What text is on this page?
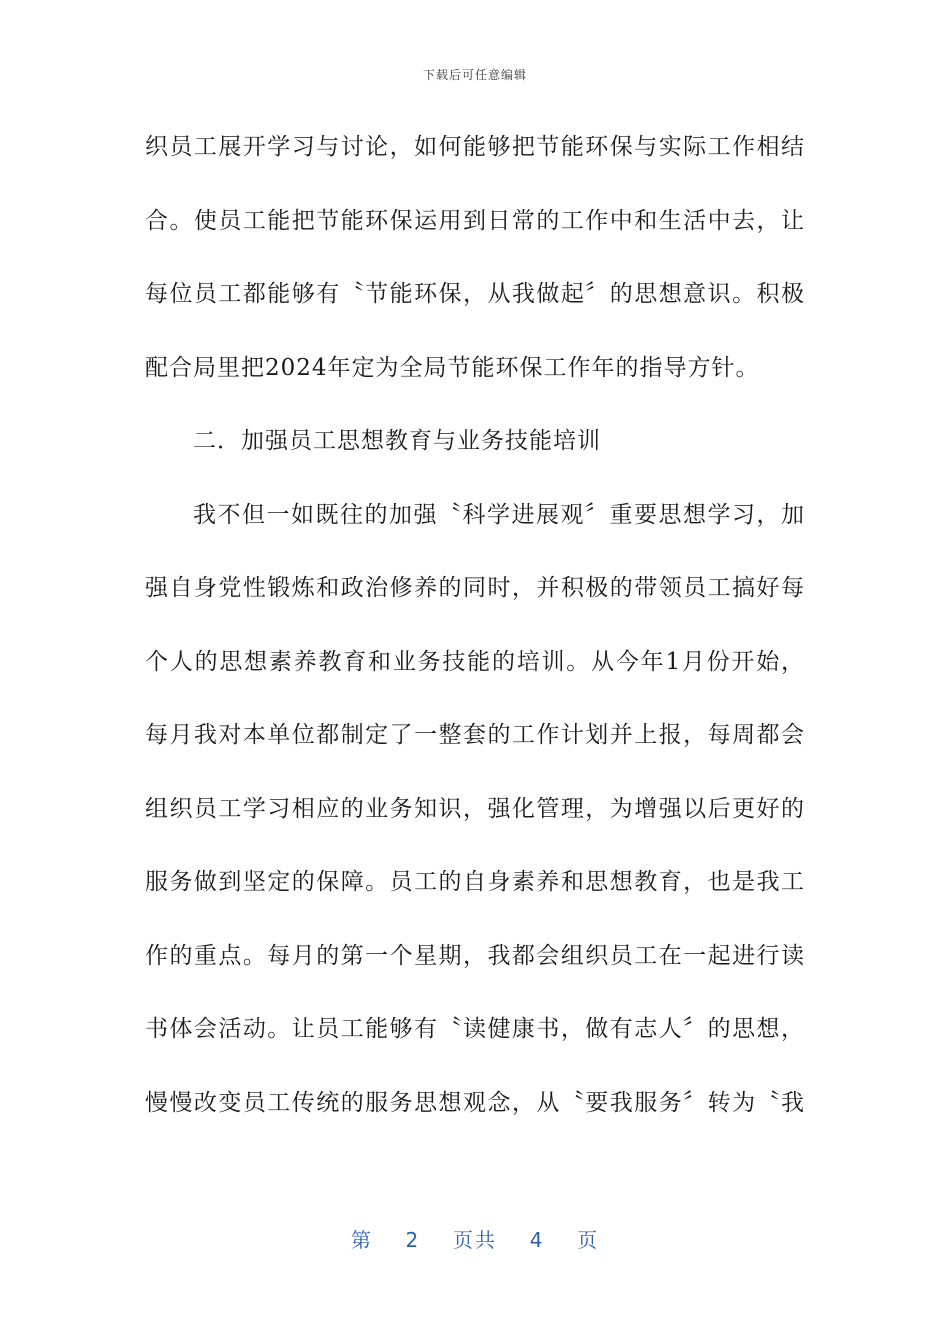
下载后可任意编辑
织员工展开学习与讨论，如何能够把节能环保与实际工作相结
合。使员工能把节能环保运用到日常的工作中和生活中去，让
每位员工都能够有〝节能环保，从我做起〞的思想意识。积极
配合局里把2024年定为全局节能环保工作年的指导方针。
二．加强员工思想教育与业务技能培训
我不但一如既往的加强〝科学进展观〞重要思想学习，加
强自身党性锻炼和政治修养的同时，并积极的带领员工搞好每
个人的思想素养教育和业务技能的培训。从今年1月份开始，
每月我对本单位都制定了一整套的工作计划并上报，每周都会
组织员工学习相应的业务知识，强化管理，为增强以后更好的
服务做到坚定的保障。员工的自身素养和思想教育，也是我工
作的重点。每月的第一个星期，我都会组织员工在一起进行读
书体会活动。让员工能够有〝读健康书，做有志人〞的思想，
慢慢改变员工传统的服务思想观念，从〝要我服务〞转为〝我
第 2 页共 4 页
